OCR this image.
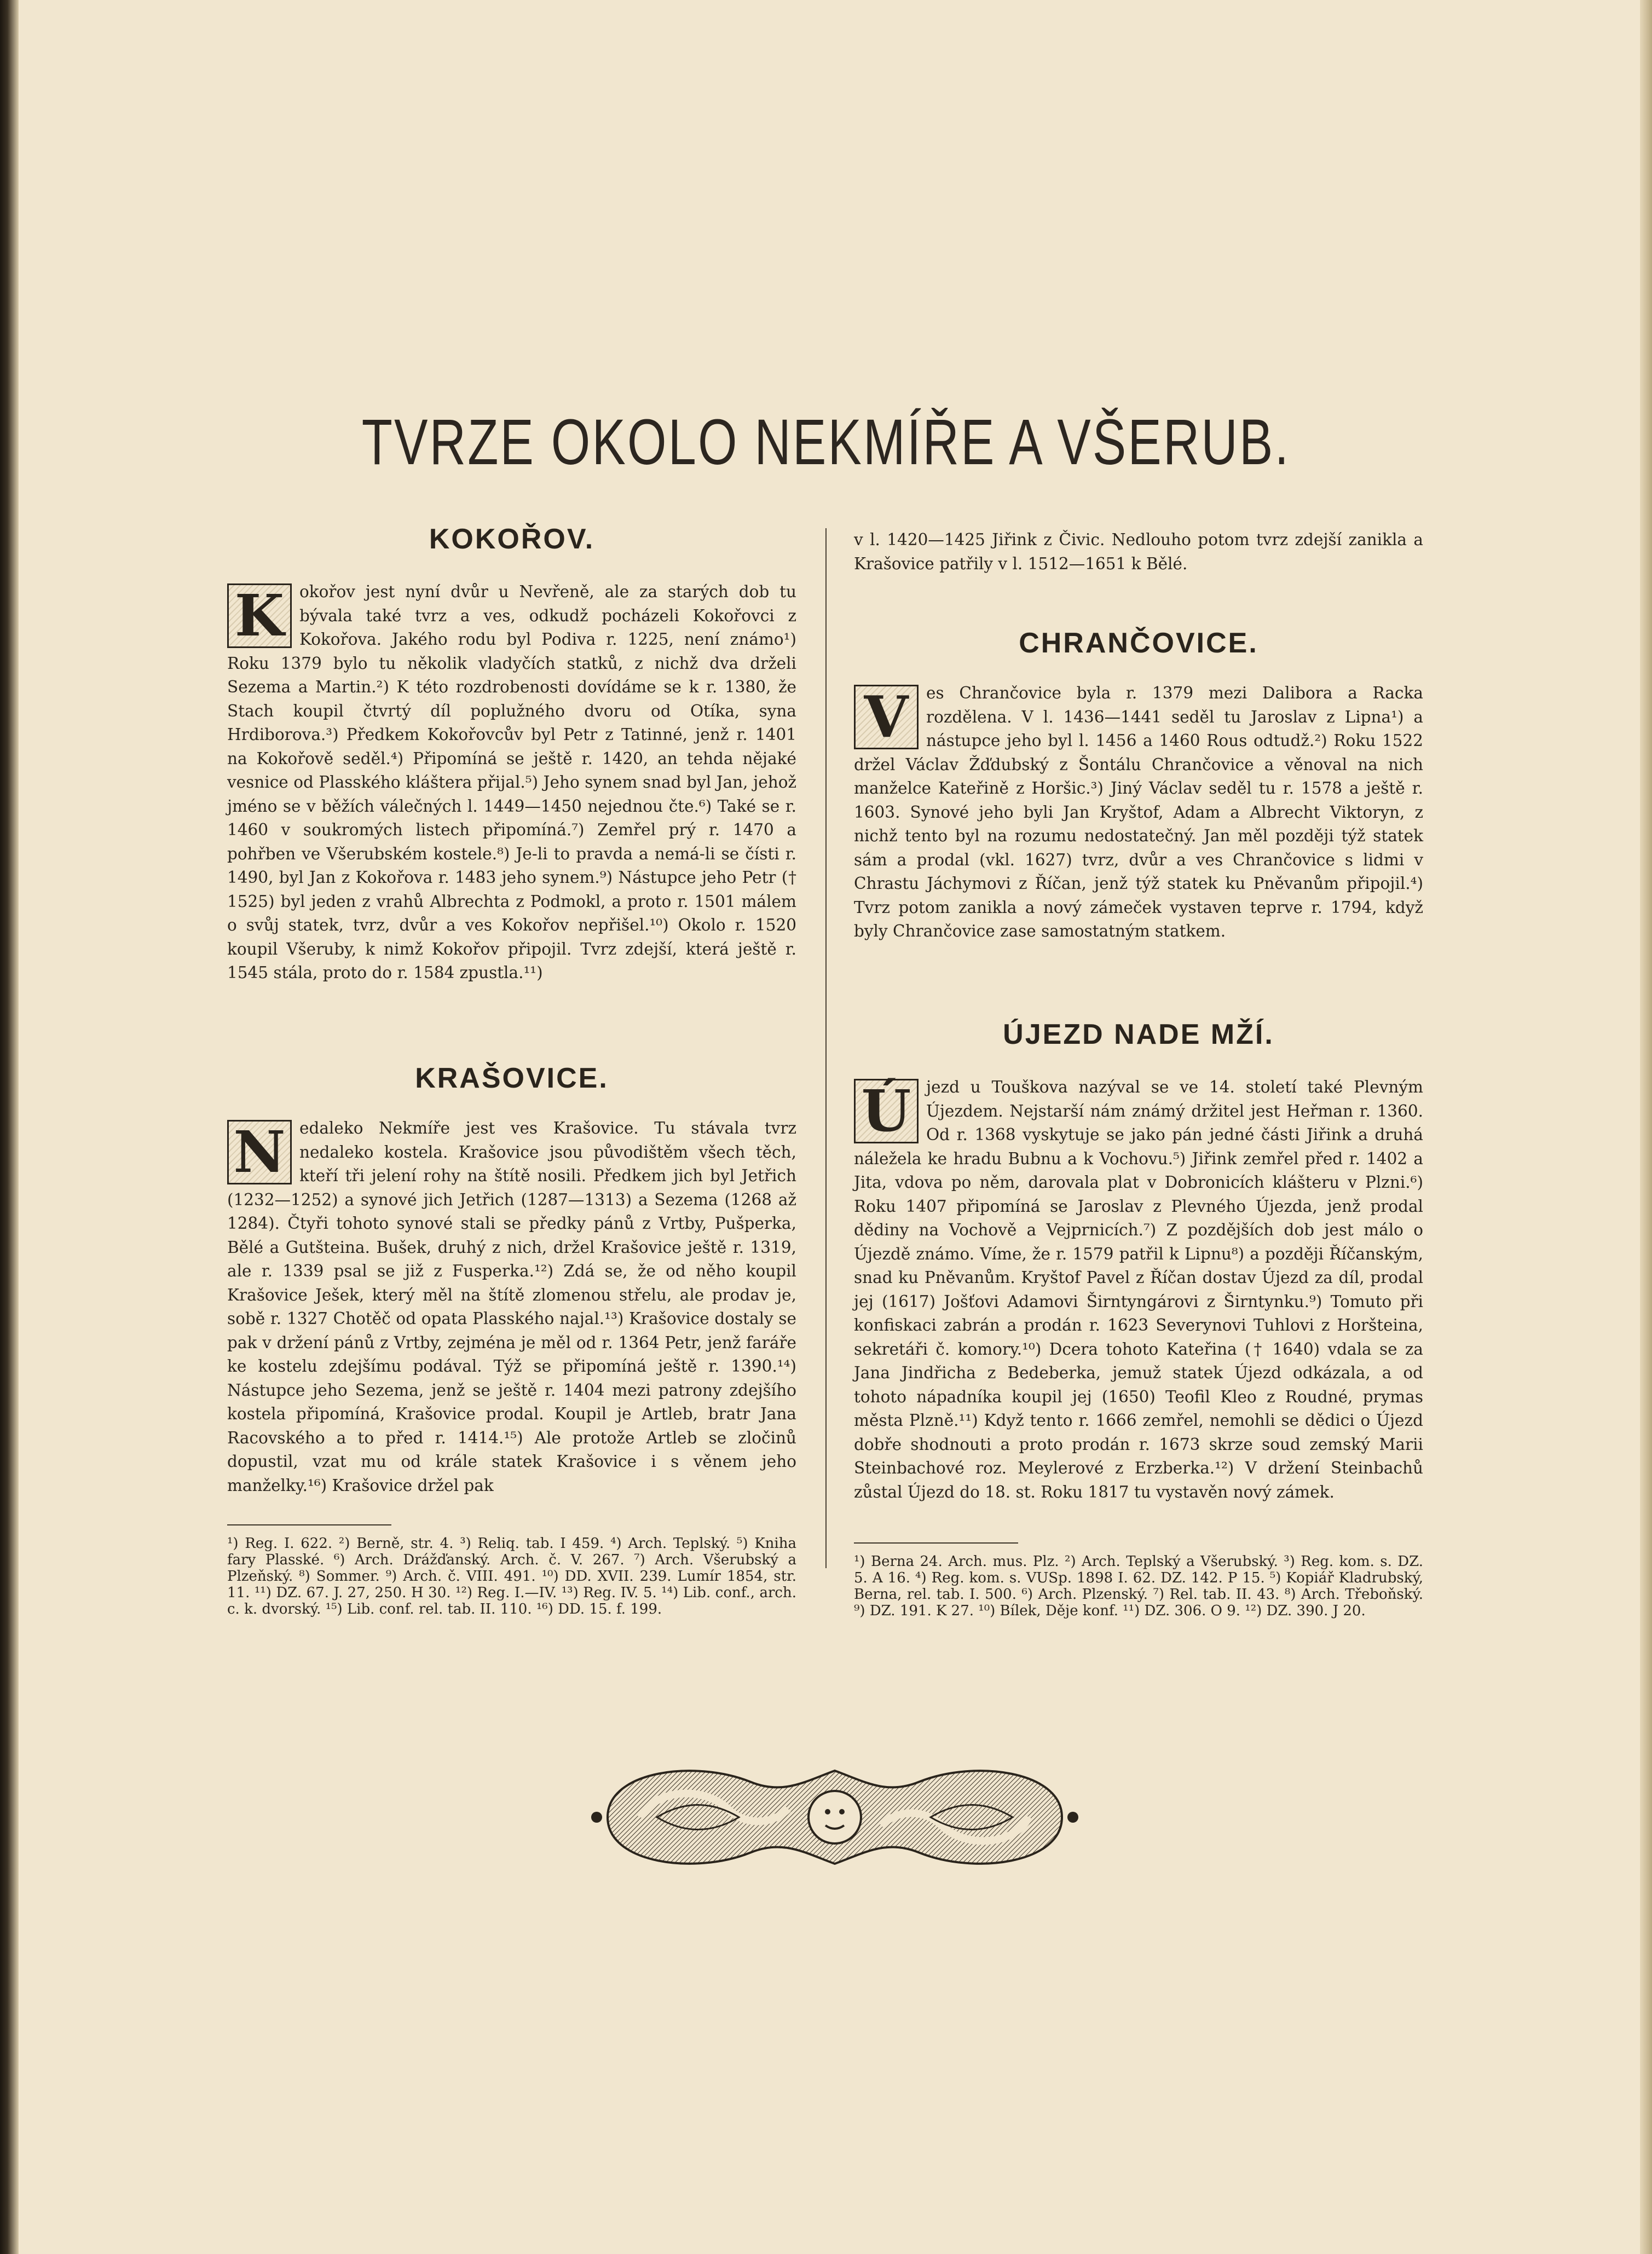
TVRZE OKOLO NEKMÍŘE A VŠERUB.
KOKOŘOV.
K okořov jest nyní dvůr u Nevřeně, ale za starých dob tu bývala také tvrz a ves, odkudž pocházeli Kokořovci z Kokořova. Jakého rodu byl Podiva r. 1225, není známo¹) Roku 1379 bylo tu několik vladyčích statků, z nichž dva drželi Sezema a Martin.²) K této rozdrobenosti dovídáme se k r. 1380, že Stach koupil čtvrtý díl poplužného dvoru od Otíka, syna Hrdiborova.³) Předkem Kokořovcův byl Petr z Tatinné, jenž r. 1401 na Kokořově seděl.⁴) Připomíná se ještě r. 1420, an tehda nějaké vesnice od Plasského kláštera přijal.⁵) Jeho synem snad byl Jan, jehož jméno se v běžích válečných l. 1449—1450 nejednou čte.⁶) Také se r. 1460 v soukromých listech připomíná.⁷) Zemřel prý r. 1470 a pohřben ve Všerubském kostele.⁸) Je-li to pravda a nemá-li se čísti r. 1490, byl Jan z Kokořova r. 1483 jeho synem.⁹) Nástupce jeho Petr († 1525) byl jeden z vrahů Albrechta z Podmokl, a proto r. 1501 málem o svůj statek, tvrz, dvůr a ves Kokořov nepřišel.¹⁰) Okolo r. 1520 koupil Všeruby, k nimž Kokořov připojil. Tvrz zdejší, která ještě r. 1545 stála, proto do r. 1584 zpustla.¹¹)
KRAŠOVICE.
N edaleko Nekmíře jest ves Krašovice. Tu stávala tvrz nedaleko kostela. Krašovice jsou původištěm všech těch, kteří tři jelení rohy na štítě nosili. Předkem jich byl Jetřich (1232—1252) a synové jich Jetřich (1287—1313) a Sezema (1268 až 1284). Čtyři tohoto synové stali se předky pánů z Vrtby, Pušperka, Bělé a Gutšteina. Bušek, druhý z nich, držel Krašovice ještě r. 1319, ale r. 1339 psal se již z Fusperka.¹²) Zdá se, že od něho koupil Krašovice Ješek, který měl na štítě zlomenou střelu, ale prodav je, sobě r. 1327 Chotěč od opata Plasského najal.¹³) Krašovice dostaly se pak v držení pánů z Vrtby, zejména je měl od r. 1364 Petr, jenž faráře ke kostelu zdejšímu podával. Týž se připomíná ještě r. 1390.¹⁴) Nástupce jeho Sezema, jenž se ještě r. 1404 mezi patrony zdejšího kostela připomíná, Krašovice prodal. Koupil je Artleb, bratr Jana Racovského a to před r. 1414.¹⁵) Ale protože Artleb se zločinů dopustil, vzat mu od krále statek Krašovice i s věnem jeho manželky.¹⁶) Krašovice držel pak
¹) Reg. I. 622. ²) Berně, str. 4. ³) Reliq. tab. I 459. ⁴) Arch. Teplský. ⁵) Kniha fary Plasské. ⁶) Arch. Drážďanský. Arch. č. V. 267. ⁷) Arch. Všerubský a Plzeňský. ⁸) Sommer. ⁹) Arch. č. VIII. 491. ¹⁰) DD. XVII. 239. Lumír 1854, str. 11. ¹¹) DZ. 67. J. 27, 250. H 30. ¹²) Reg. I.—IV. ¹³) Reg. IV. 5. ¹⁴) Lib. conf., arch. c. k. dvorský. ¹⁵) Lib. conf. rel. tab. II. 110. ¹⁶) DD. 15. f. 199.
v l. 1420—1425 Jiřink z Čivic. Nedlouho potom tvrz zdejší zanikla a Krašovice patřily v l. 1512—1651 k Bělé.
CHRANČOVICE.
V	es Chrančovice byla r. 1379 mezi Dalibora a Racka rozdělena. V l. 1436—1441 seděl tu Jaroslav z Lipna¹) a nástupce jeho byl l. 1456 a 1460 Rous odtudž.²) Roku 1522 držel Václav Žďdubský z Šontálu Chrančovice a věnoval na nich manželce Kateřině z Horšic.³) Jiný Václav seděl tu r. 1578 a ještě r. 1603. Synové jeho byli Jan Kryštof, Adam a Albrecht Viktoryn, z nichž tento byl na rozumu nedostatečný. Jan měl později týž statek sám a prodal (vkl. 1627) tvrz, dvůr a ves Chrančovice s lidmi v Chrastu Jáchymovi z Říčan, jenž týž statek ku Pněvanům připojil.⁴) Tvrz potom zanikla a nový zámeček vystaven teprve r. 1794, když byly Chrančovice zase samostatným statkem.
ÚJEZD NADE MŽÍ.
Ú jezd u Touškova nazýval se ve 14. století také Plevným Újezdem. Nejstarší nám známý držitel jest Heřman r. 1360. Od r. 1368 vyskytuje se jako pán jedné části Jiřink a druhá náležela ke hradu Bubnu a k Vochovu.⁵) Jiřink zemřel před r. 1402 a Jita, vdova po něm, darovala plat v Dobronicích klášteru v Plzni.⁶) Roku 1407 připomíná se Jaroslav z Plevného Újezda, jenž prodal dědiny na Vochově a Vejprnicích.⁷) Z pozdějších dob jest málo o Újezdě známo. Víme, že r. 1579 patřil k Lipnu⁸) a později Říčanským, snad ku Pněvanům. Kryštof Pavel z Říčan dostav Újezd za díl, prodal jej (1617) Jošťovi Adamovi Širntyngárovi z Širntynku.⁹) Tomuto při konfiskaci zabrán a prodán r. 1623 Severynovi Tuhlovi z Horšteina, sekretáři č. komory.¹⁰) Dcera tohoto Kateřina († 1640) vdala se za Jana Jindřicha z Bedeberka, jemuž statek Újezd odkázala, a od tohoto nápadníka koupil jej (1650) Teofil Kleo z Roudné, prymas města Plzně.¹¹) Když tento r. 1666 zemřel, nemohli se dědici o Újezd dobře shodnouti a proto prodán r. 1673 skrze soud zemský Marii Steinbachové roz. Meylerové z Erzberka.¹²) V držení Steinbachů zůstal Újezd do 18. st. Roku 1817 tu vystavěn nový zámek.
¹) Berna 24. Arch. mus. Plz. ²) Arch. Teplský a Všerubský. ³) Reg. kom. s. DZ. 5. A 16. ⁴) Reg. kom. s. VUSp. 1898 I. 62. DZ. 142. P 15. ⁵) Kopiář Kladrubský, Berna, rel. tab. I. 500. ⁶) Arch. Plzenský. ⁷) Rel. tab. II. 43. ⁸) Arch. Třeboňský. ⁹) DZ. 191. K 27. ¹⁰) Bílek, Děje konf. ¹¹) DZ. 306. O 9. ¹²) DZ. 390. J 20.
